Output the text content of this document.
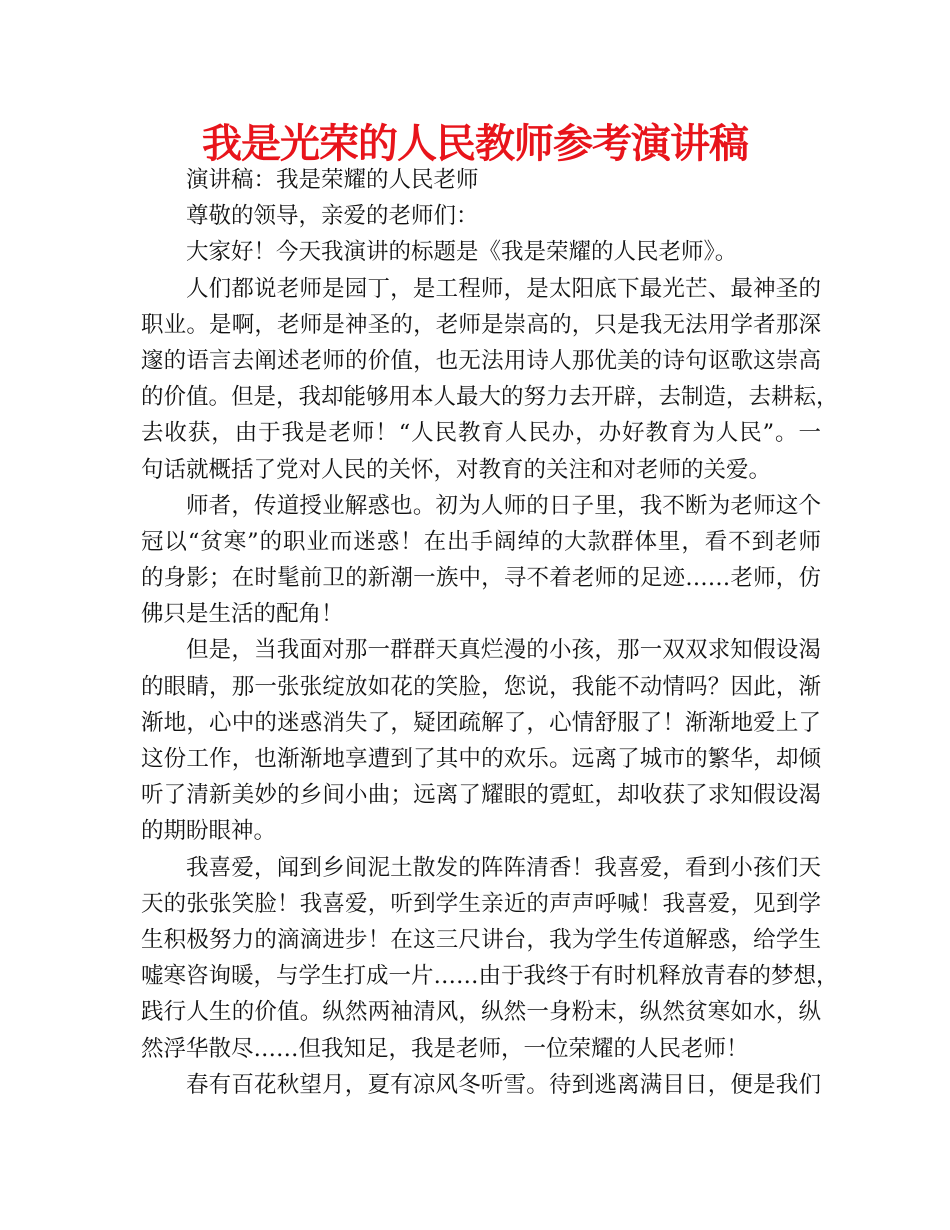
我是光荣的人民教师参考演讲稿
演讲稿：我是荣耀的人民老师
尊敬的领导，亲爱的老师们：
大家好！今天我演讲的标题是《我是荣耀的人民老师》。
人们都说老师是园丁，是工程师，是太阳底下最光芒、最神圣的
职业。是啊，老师是神圣的，老师是崇高的，只是我无法用学者那深
邃的语言去阐述老师的价值，也无法用诗人那优美的诗句讴歌这崇高
的价值。但是，我却能够用本人最大的努力去开辟，去制造，去耕耘，
去收获，由于我是老师！“人民教育人民办，办好教育为人民”。一
句话就概括了党对人民的关怀，对教育的关注和对老师的关爱。
师者，传道授业解惑也。初为人师的日子里，我不断为老师这个
冠以“贫寒”的职业而迷惑！在出手阔绰的大款群体里，看不到老师
的身影；在时髦前卫的新潮一族中，寻不着老师的足迹……老师，仿
佛只是生活的配角！
但是，当我面对那一群群天真烂漫的小孩，那一双双求知假设渴
的眼睛，那一张张绽放如花的笑脸，您说，我能不动情吗？因此，渐
渐地，心中的迷惑消失了，疑团疏解了，心情舒服了！渐渐地爱上了
这份工作，也渐渐地享遭到了其中的欢乐。远离了城市的繁华，却倾
听了清新美妙的乡间小曲；远离了耀眼的霓虹，却收获了求知假设渴
的期盼眼神。
我喜爱，闻到乡间泥土散发的阵阵清香！我喜爱，看到小孩们天
天的张张笑脸！我喜爱，听到学生亲近的声声呼喊！我喜爱，见到学
生积极努力的滴滴进步！在这三尺讲台，我为学生传道解惑，给学生
嘘寒咨询暖，与学生打成一片……由于我终于有时机释放青春的梦想，
践行人生的价值。纵然两袖清风，纵然一身粉末，纵然贫寒如水，纵
然浮华散尽……但我知足，我是老师，一位荣耀的人民老师！
春有百花秋望月，夏有凉风冬听雪。待到逃离满目日，便是我们
